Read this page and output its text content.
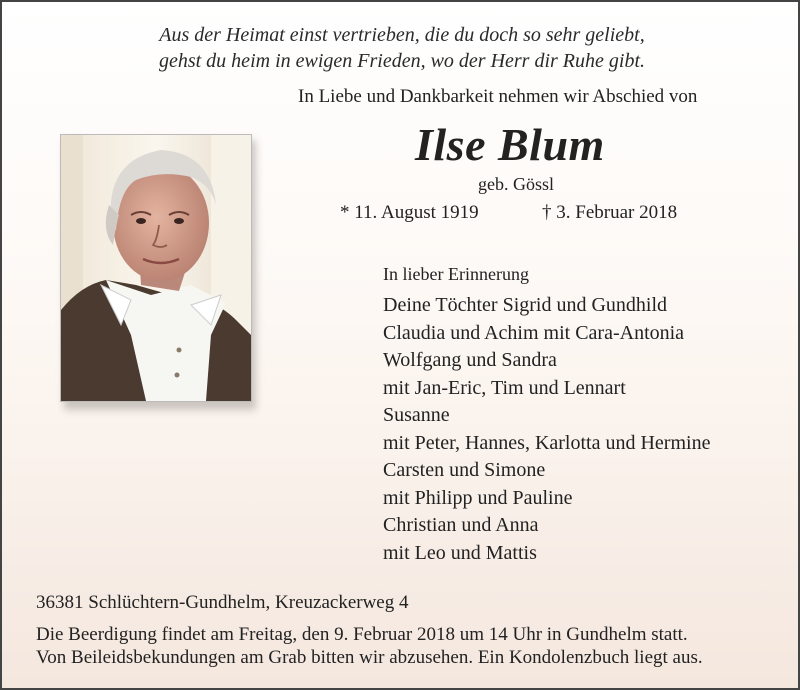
Aus der Heimat einst vertrieben, die du doch so sehr geliebt,
gehst du heim in ewigen Frieden, wo der Herr dir Ruhe gibt.
In Liebe und Dankbarkeit nehmen wir Abschied von
Ilse Blum
geb. Gössl
* 11. August 1919	† 3. Februar 2018
In lieber Erinnerung
Deine Töchter Sigrid und Gundhild
Claudia und Achim mit Cara-Antonia
Wolfgang und Sandra
mit Jan-Eric, Tim und Lennart
Susanne
mit Peter, Hannes, Karlotta und Hermine
Carsten und Simone
mit Philipp und Pauline
Christian und Anna
mit Leo und Mattis
36381 Schlüchtern-Gundhelm, Kreuzackerweg 4
Die Beerdigung findet am Freitag, den 9. Februar 2018 um 14 Uhr in Gundhelm statt.
Von Beileidsbekundungen am Grab bitten wir abzusehen. Ein Kondolenzbuch liegt aus.
